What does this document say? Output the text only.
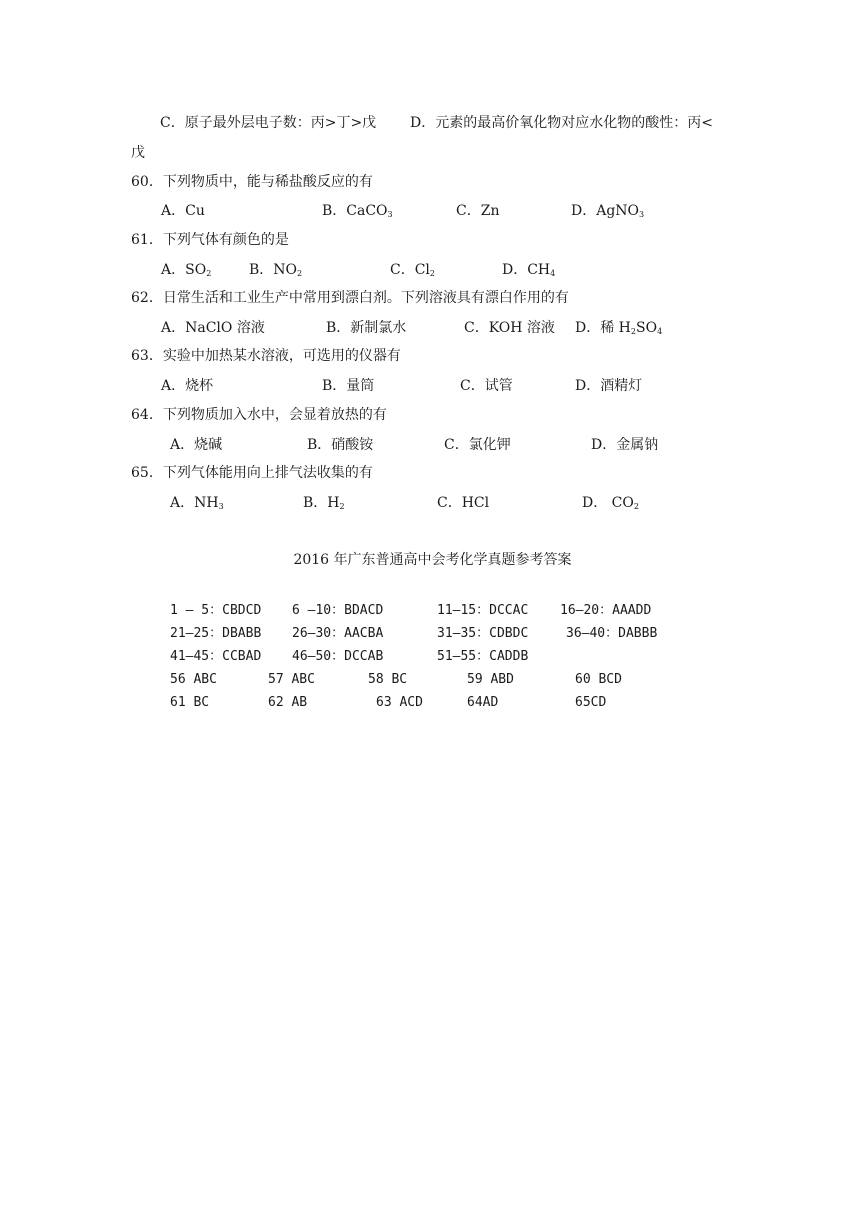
C．原子最外层电子数：丙>丁>戊 D．元素的最高价氧化物对应水化物的酸性：丙<
戊
60．下列物质中，能与稀盐酸反应的有
A．Cu	B．CaCO$_3$	C．Zn	D．AgNO$_3$
61．下列气体有颜色的是
A．$SO_2$	B．$NO_2$	C．$Cl_2$	D．$CH_4$
62．日常生活和工业生产中常用到漂白剂。下列溶液具有漂白作用的有
A．NaClO 溶液	B．新制氯水	C．KOH 溶液 D．稀 $H_2SO_4$
63．实验中加热某水溶液，可选用的仪器有
A．烧杯	B．量筒	C．试管	D．酒精灯
64．下列物质加入水中，会显着放热的有
A．烧碱	B．硝酸铵	C．氯化钾	D．金属钠
65．下列气体能用向上排气法收集的有
A．$NH_3$	B．$H_2$	C．HCl	D． $CO_2$
2016 年广东普通高中会考化学真题参考答案
1 — 5：CBDCD 6 —10：BDACD	11—15：DCCAC 16—20：AAADD
21—25：DBABB 26—30：AACBA	31—35：CDBDC	36—40：DABBB
41—45：CCBAD 46—50：DCCAB	51—55：CADDB
56 ABC	57 ABC	58 BC	59 ABD	60 BCD
61 BC	62 AB	63 ACD	64AD	65CD
